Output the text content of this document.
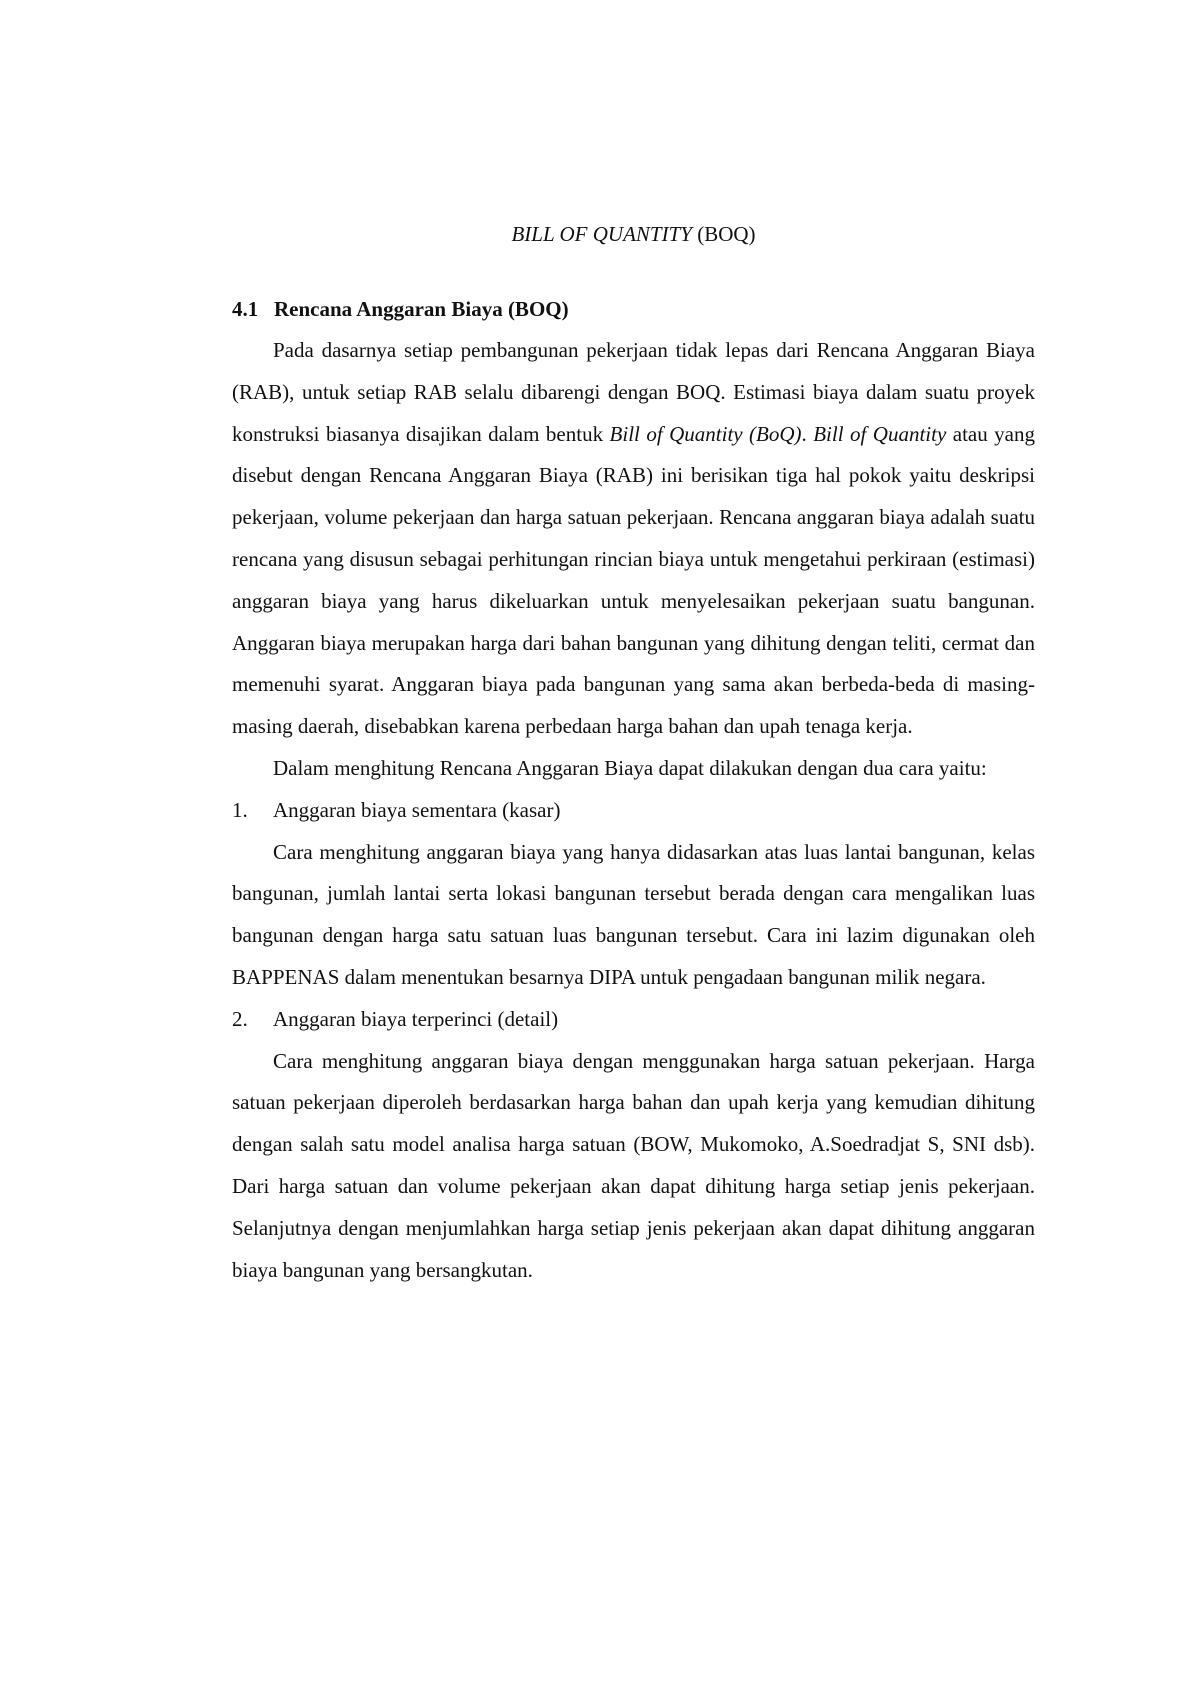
BILL OF QUANTITY (BOQ)
4.1 Rencana Anggaran Biaya (BOQ)

Pada dasarnya setiap pembangunan pekerjaan tidak lepas dari Rencana Anggaran Biaya (RAB), untuk setiap RAB selalu dibarengi dengan BOQ. Estimasi biaya dalam suatu proyek konstruksi biasanya disajikan dalam bentuk Bill of Quantity (BoQ). Bill of Quantity atau yang disebut dengan Rencana Anggaran Biaya (RAB) ini berisikan tiga hal pokok yaitu deskripsi pekerjaan, volume pekerjaan dan harga satuan pekerjaan. Rencana anggaran biaya adalah suatu rencana yang disusun sebagai perhitungan rincian biaya untuk mengetahui perkiraan (estimasi) anggaran biaya yang harus dikeluarkan untuk menyelesaikan pekerjaan suatu bangunan. Anggaran biaya merupakan harga dari bahan bangunan yang dihitung dengan teliti, cermat dan memenuhi syarat. Anggaran biaya pada bangunan yang sama akan berbeda-beda di masing-masing daerah, disebabkan karena perbedaan harga bahan dan upah tenaga kerja.

Dalam menghitung Rencana Anggaran Biaya dapat dilakukan dengan dua cara yaitu:

1.	Anggaran biaya sementara (kasar)

Cara menghitung anggaran biaya yang hanya didasarkan atas luas lantai bangunan, kelas bangunan, jumlah lantai serta lokasi bangunan tersebut berada dengan cara mengalikan luas bangunan dengan harga satu satuan luas bangunan tersebut. Cara ini lazim digunakan oleh BAPPENAS dalam menentukan besarnya DIPA untuk pengadaan bangunan milik negara.

2.	Anggaran biaya terperinci (detail)

Cara menghitung anggaran biaya dengan menggunakan harga satuan pekerjaan. Harga satuan pekerjaan diperoleh berdasarkan harga bahan dan upah kerja yang kemudian dihitung dengan salah satu model analisa harga satuan (BOW, Mukomoko, A.Soedradjat S, SNI dsb). Dari harga satuan dan volume pekerjaan akan dapat dihitung harga setiap jenis pekerjaan. Selanjutnya dengan menjumlahkan harga setiap jenis pekerjaan akan dapat dihitung anggaran biaya bangunan yang bersangkutan.
